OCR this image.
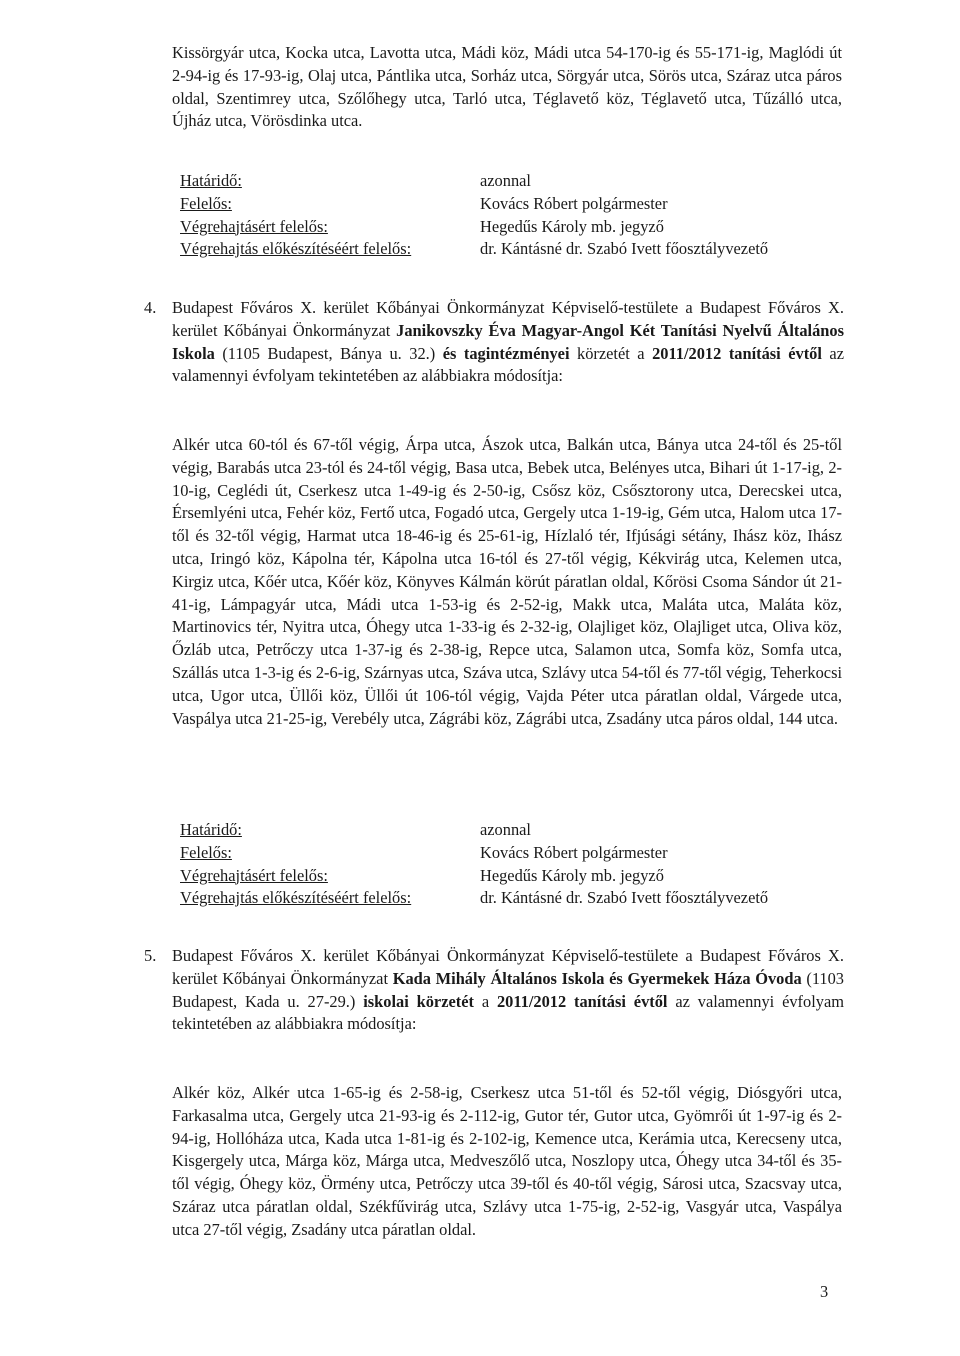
Kissörgyár utca, Kocka utca, Lavotta utca, Mádi köz, Mádi utca 54-170-ig és 55-171-ig, Maglódi út 2-94-ig és 17-93-ig, Olaj utca, Pántlika utca, Sorház utca, Sörgyár utca, Sörös utca, Száraz utca páros oldal, Szentimrey utca, Szőlőhegy utca, Tarló utca, Téglavető köz, Téglavető utca, Tűzálló utca, Újház utca, Vörösdinka utca.
Határidő:	azonnal
Felelős:	Kovács Róbert polgármester
Végrehajtásért felelős:	Hegedűs Károly mb. jegyző
Végrehajtás előkészítéséért felelős:	dr. Kántásné dr. Szabó Ivett főosztályvezető
4. Budapest Főváros X. kerület Kőbányai Önkormányzat Képviselő-testülete a Budapest Főváros X. kerület Kőbányai Önkormányzat Janikovszky Éva Magyar-Angol Két Tanítási Nyelvű Általános Iskola (1105 Budapest, Bánya u. 32.) és tagintézményei körzetét a 2011/2012 tanítási évtől az valamennyi évfolyam tekintetében az alábbiakra módosítja:
Alkér utca 60-tól és 67-től végig, Árpa utca, Ászok utca, Balkán utca, Bánya utca 24-től és 25-től végig, Barabás utca 23-tól és 24-től végig, Basa utca, Bebek utca, Belényes utca, Bihari út 1-17-ig, 2-10-ig, Ceglédi út, Cserkesz utca 1-49-ig és 2-50-ig, Csősz köz, Csősztorony utca, Derecskei utca, Érsemlyéni utca, Fehér köz, Fertő utca, Fogadó utca, Gergely utca 1-19-ig, Gém utca, Halom utca 17-től és 32-től végig, Harmat utca 18-46-ig és 25-61-ig, Hízlaló tér, Ifjúsági sétány, Ihász köz, Ihász utca, Iringó köz, Kápolna tér, Kápolna utca 16-tól és 27-től végig, Kékvirág utca, Kelemen utca, Kirgiz utca, Kőér utca, Kőér köz, Könyves Kálmán körút páratlan oldal, Kőrösi Csoma Sándor út 21-41-ig, Lámpagyár utca, Mádi utca 1-53-ig és 2-52-ig, Makk utca, Maláta utca, Maláta köz, Martinovics tér, Nyitra utca, Óhegy utca 1-33-ig és 2-32-ig, Olajliget köz, Olajliget utca, Oliva köz, Őzláb utca, Petrőczy utca 1-37-ig és 2-38-ig, Repce utca, Salamon utca, Somfa köz, Somfa utca, Szállás utca 1-3-ig és 2-6-ig, Szárnyas utca, Száva utca, Szlávy utca 54-től és 77-től végig, Teherkocsi utca, Ugor utca, Üllői köz, Üllői út 106-tól végig, Vajda Péter utca páratlan oldal, Várgede utca, Vaspálya utca 21-25-ig, Verebély utca, Zágrábi köz, Zágrábi utca, Zsadány utca páros oldal, 144 utca.
Határidő:	azonnal
Felelős:	Kovács Róbert polgármester
Végrehajtásért felelős:	Hegedűs Károly mb. jegyző
Végrehajtás előkészítéséért felelős:	dr. Kántásné dr. Szabó Ivett főosztályvezető
5. Budapest Főváros X. kerület Kőbányai Önkormányzat Képviselő-testülete a Budapest Főváros X. kerület Kőbányai Önkormányzat Kada Mihály Általános Iskola és Gyermekek Háza Óvoda (1103 Budapest, Kada u. 27-29.) iskolai körzetét a 2011/2012 tanítási évtől az valamennyi évfolyam tekintetében az alábbiakra módosítja:
Alkér köz, Alkér utca 1-65-ig és 2-58-ig, Cserkesz utca 51-től és 52-től végig, Diósgyőri utca, Farkasalma utca, Gergely utca 21-93-ig és 2-112-ig, Gutor tér, Gutor utca, Gyömrői út 1-97-ig és 2-94-ig, Hollóháza utca, Kada utca 1-81-ig és 2-102-ig, Kemence utca, Kerámia utca, Kerecseny utca, Kisgergely utca, Márga köz, Márga utca, Medveszőlő utca, Noszlopy utca, Óhegy utca 34-től és 35-től végig, Óhegy köz, Örmény utca, Petrőczy utca 39-től és 40-től végig, Sárosi utca, Szacsvay utca, Száraz utca páratlan oldal, Székfűvirág utca, Szlávy utca 1-75-ig, 2-52-ig, Vasgyár utca, Vaspálya utca 27-től végig, Zsadány utca páratlan oldal.
3
